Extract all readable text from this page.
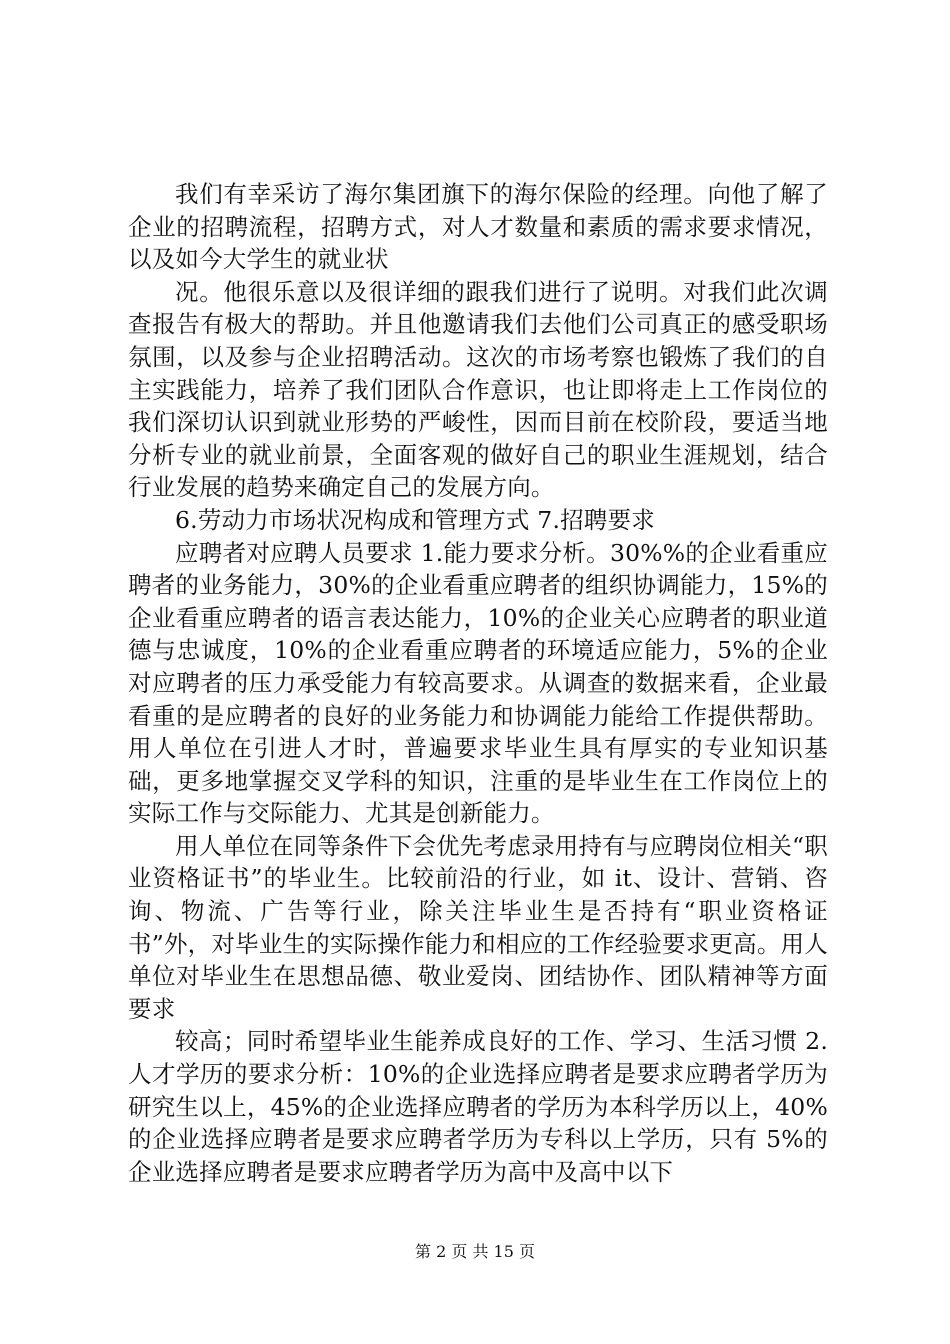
我们有幸采访了海尔集团旗下的海尔保险的经理。向他了解了企业的招聘流程，招聘方式，对人才数量和素质的需求要求情况，以及如今大学生的就业状

况。他很乐意以及很详细的跟我们进行了说明。对我们此次调查报告有极大的帮助。并且他邀请我们去他们公司真正的感受职场氛围，以及参与企业招聘活动。这次的市场考察也锻炼了我们的自主实践能力，培养了我们团队合作意识，也让即将走上工作岗位的我们深切认识到就业形势的严峻性，因而目前在校阶段，要适当地分析专业的就业前景，全面客观的做好自己的职业生涯规划，结合行业发展的趋势来确定自己的发展方向。

6.劳动力市场状况构成和管理方式 7.招聘要求

应聘者对应聘人员要求 1.能力要求分析。30%%的企业看重应聘者的业务能力，30%的企业看重应聘者的组织协调能力，15%的企业看重应聘者的语言表达能力，10%的企业关心应聘者的职业道德与忠诚度，10%的企业看重应聘者的环境适应能力，5%的企业对应聘者的压力承受能力有较高要求。从调查的数据来看，企业最看重的是应聘者的良好的业务能力和协调能力能给工作提供帮助。用人单位在引进人才时，普遍要求毕业生具有厚实的专业知识基础，更多地掌握交叉学科的知识，注重的是毕业生在工作岗位上的实际工作与交际能力、尤其是创新能力。

用人单位在同等条件下会优先考虑录用持有与应聘岗位相关“职业资格证书”的毕业生。比较前沿的行业，如 it、设计、营销、咨询、物流、广告等行业，除关注毕业生是否持有“职业资格证书”外，对毕业生的实际操作能力和相应的工作经验要求更高。用人单位对毕业生在思想品德、敬业爱岗、团结协作、团队精神等方面要求

较高；同时希望毕业生能养成良好的工作、学习、生活习惯 2.人才学历的要求分析：10%的企业选择应聘者是要求应聘者学历为研究生以上，45%的企业选择应聘者的学历为本科学历以上，40%的企业选择应聘者是要求应聘者学历为专科以上学历，只有 5%的企业选择应聘者是要求应聘者学历为高中及高中以下

第 2 页 共 15 页
